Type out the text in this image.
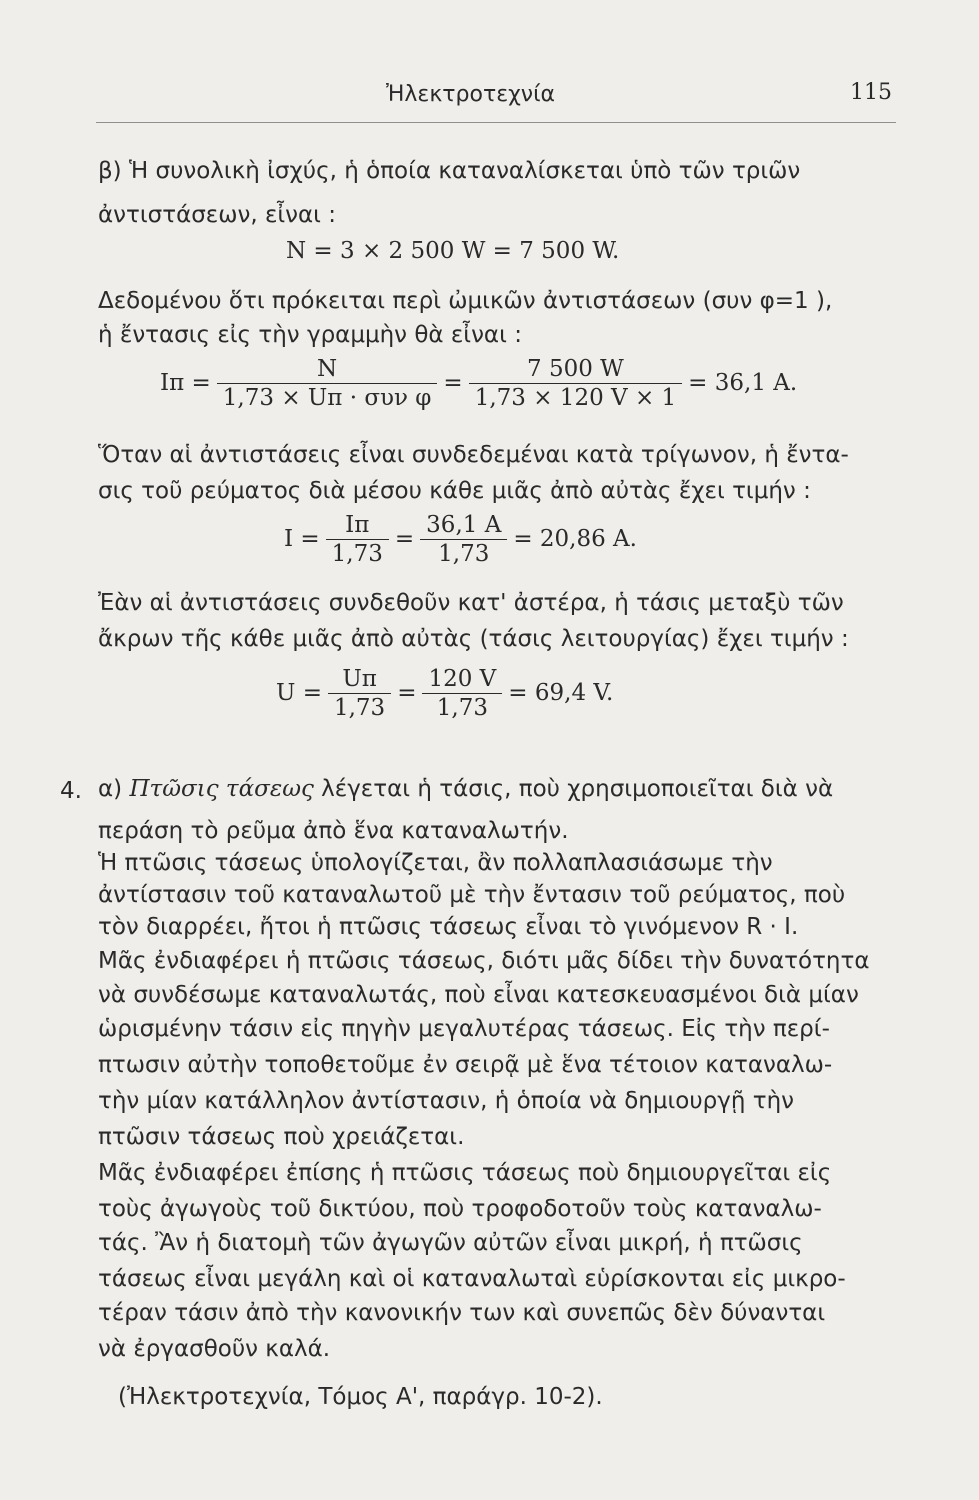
Ἠλεκτροτεχνία	115
β) Ἡ συνολικὴ ἰσχύς, ἡ ὁποία καταναλίσκεται ὑπὸ τῶν τριῶν
ἀντιστάσεων, εἶναι :
N = 3 × 2 500 W = 7 500 W.
Δεδομένου ὅτι πρόκειται περὶ ὠμικῶν ἀντιστάσεων (συν φ=1 ),
ἡ ἔντασις εἰς τὴν γραμμὴν θὰ εἶναι :
$I\pi = \frac{N}{\text{1,73 × Uπ · συν φ}} = \frac{7 500 W}{1,73 \times 120 V \times 1} = 36,1$ A.
Ὅταν αἱ ἀντιστάσεις εἶναι συνδεδεμέναι κατὰ τρίγωνον, ἡ ἔντα-
σις τοῦ ρεύματος διὰ μέσου κάθε μιᾶς ἀπὸ αὐτὰς ἔχει τιμήν :
$I = \frac{I\pi}{1,73} = \frac{36,1 A}{1,73} = 20,86$ A.
Ἐὰν αἱ ἀντιστάσεις συνδεθοῦν κατ' ἀστέρα, ἡ τάσις μεταξὺ τῶν
ἄκρων τῆς κάθε μιᾶς ἀπὸ αὐτὰς (τάσις λειτουργίας) ἔχει τιμήν :
$U = \frac{U\pi}{1,73} = \frac{120 V}{1,73} = 69,4$ V.
4. α) Πτῶσις τάσεως λέγεται ἡ τάσις, ποὺ χρησιμοποιεῖται διὰ νὰ
περάση τὸ ρεῦμα ἀπὸ ἕνα καταναλωτήν.
Ἡ πτῶσις τάσεως ὑπολογίζεται, ἂν πολλαπλασιάσωμε τὴν
ἀντίστασιν τοῦ καταναλωτοῦ μὲ τὴν ἔντασιν τοῦ ρεύματος, ποὺ
τὸν διαρρέει, ἤτοι ἡ πτῶσις τάσεως εἶναι τὸ γινόμενον R · I.
Μᾶς ἐνδιαφέρει ἡ πτῶσις τάσεως, διότι μᾶς δίδει τὴν δυνατότητα
νὰ συνδέσωμε καταναλωτάς, ποὺ εἶναι κατεσκευασμένοι διὰ μίαν
ὡρισμένην τάσιν εἰς πηγὴν μεγαλυτέρας τάσεως. Εἰς τὴν περί-
πτωσιν αὐτὴν τοποθετοῦμε ἐν σειρᾷ μὲ ἕνα τέτοιον καταναλω-
τὴν μίαν κατάλληλον ἀντίστασιν, ἡ ὁποία νὰ δημιουργῇ τὴν
πτῶσιν τάσεως ποὺ χρειάζεται.
Μᾶς ἐνδιαφέρει ἐπίσης ἡ πτῶσις τάσεως ποὺ δημιουργεῖται εἰς
τοὺς ἀγωγοὺς τοῦ δικτύου, ποὺ τροφοδοτοῦν τοὺς καταναλω-
τάς. Ἂν ἡ διατομὴ τῶν ἀγωγῶν αὐτῶν εἶναι μικρή, ἡ πτῶσις
τάσεως εἶναι μεγάλη καὶ οἱ καταναλωταὶ εὑρίσκονται εἰς μικρο-
τέραν τάσιν ἀπὸ τὴν κανονικήν των καὶ συνεπῶς δὲν δύνανται
νὰ ἐργασθοῦν καλά.
(Ἠλεκτροτεχνία, Τόμος Α', παράγρ. 10-2).
